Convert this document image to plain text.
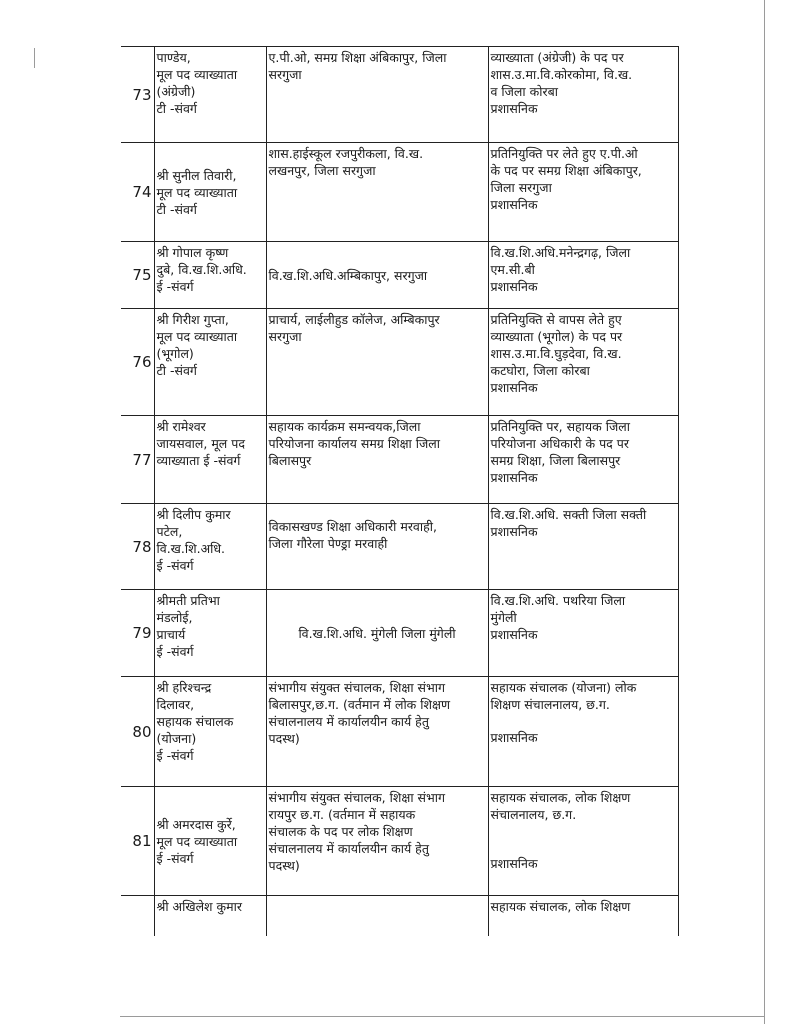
73	पाण्डेय,
मूल पद व्याख्याता
(अंग्रेजी)
टी -संवर्ग	ए.पी.ओ, समग्र शिक्षा अंबिकापुर, जिला
सरगुजा	व्याख्याता (अंग्रेजी) के पद पर
शास.उ.मा.वि.कोरकोमा, वि.ख.
व जिला कोरबा
प्रशासनिक

74	श्री सुनील तिवारी,
मूल पद व्याख्याता
टी -संवर्ग	शास.हाईस्कूल रजपुरीकला, वि.ख.
लखनपुर, जिला सरगुजा	प्रतिनियुक्ति पर लेते हुए ए.पी.ओ
के पद पर समग्र शिक्षा अंबिकापुर,
जिला सरगुजा
प्रशासनिक

75	श्री गोपाल कृष्ण
दुबे, वि.ख.शि.अधि.
ई -संवर्ग	वि.ख.शि.अधि.अम्बिकापुर, सरगुजा	वि.ख.शि.अधि.मनेन्द्रगढ़, जिला
एम.सी.बी
प्रशासनिक

76	श्री गिरीश गुप्ता,
मूल पद व्याख्याता
(भूगोल)
टी -संवर्ग	प्राचार्य, लाईलीहुड कॉलेज, अम्बिकापुर
सरगुजा	प्रतिनियुक्ति से वापस लेते हुए
व्याख्याता (भूगोल) के पद पर
शास.उ.मा.वि.घुड़देवा, वि.ख.
कटघोरा, जिला कोरबा
प्रशासनिक

77	श्री रामेश्वर
जायसवाल, मूल पद
व्याख्याता ई -संवर्ग	सहायक कार्यक्रम समन्वयक,जिला
परियोजना कार्यालय समग्र शिक्षा जिला
बिलासपुर	प्रतिनियुक्ति पर, सहायक जिला
परियोजना अधिकारी के पद पर
समग्र शिक्षा, जिला बिलासपुर
प्रशासनिक

78	श्री दिलीप कुमार
पटेल,
वि.ख.शि.अधि.
ई -संवर्ग	विकासखण्ड शिक्षा अधिकारी मरवाही,
जिला गौरेला पेण्ड्रा मरवाही	वि.ख.शि.अधि. सक्ती जिला सक्ती
प्रशासनिक

79	श्रीमती प्रतिभा
मंडलोई,
प्राचार्य
ई -संवर्ग	वि.ख.शि.अधि. मुंगेली जिला मुंगेली	वि.ख.शि.अधि. पथरिया जिला
मुंगेली
प्रशासनिक

80	श्री हरिश्चन्द्र
दिलावर,
सहायक संचालक
(योजना)
ई -संवर्ग	संभागीय संयुक्त संचालक, शिक्षा संभाग
बिलासपुर,छ.ग. (वर्तमान में लोक शिक्षण
संचालनालय में कार्यालयीन कार्य हेतु
पदस्थ)	सहायक संचालक (योजना) लोक
शिक्षण संचालनालय, छ.ग.
प्रशासनिक

81	श्री अमरदास कुर्रे,
मूल पद व्याख्याता
ई -संवर्ग	संभागीय संयुक्त संचालक, शिक्षा संभाग
रायपुर छ.ग. (वर्तमान में सहायक
संचालक के पद पर लोक शिक्षण
संचालनालय में कार्यालयीन कार्य हेतु
पदस्थ)	सहायक संचालक, लोक शिक्षण
संचालनालय, छ.ग.
प्रशासनिक

	श्री अखिलेश कुमार		सहायक संचालक, लोक शिक्षण
